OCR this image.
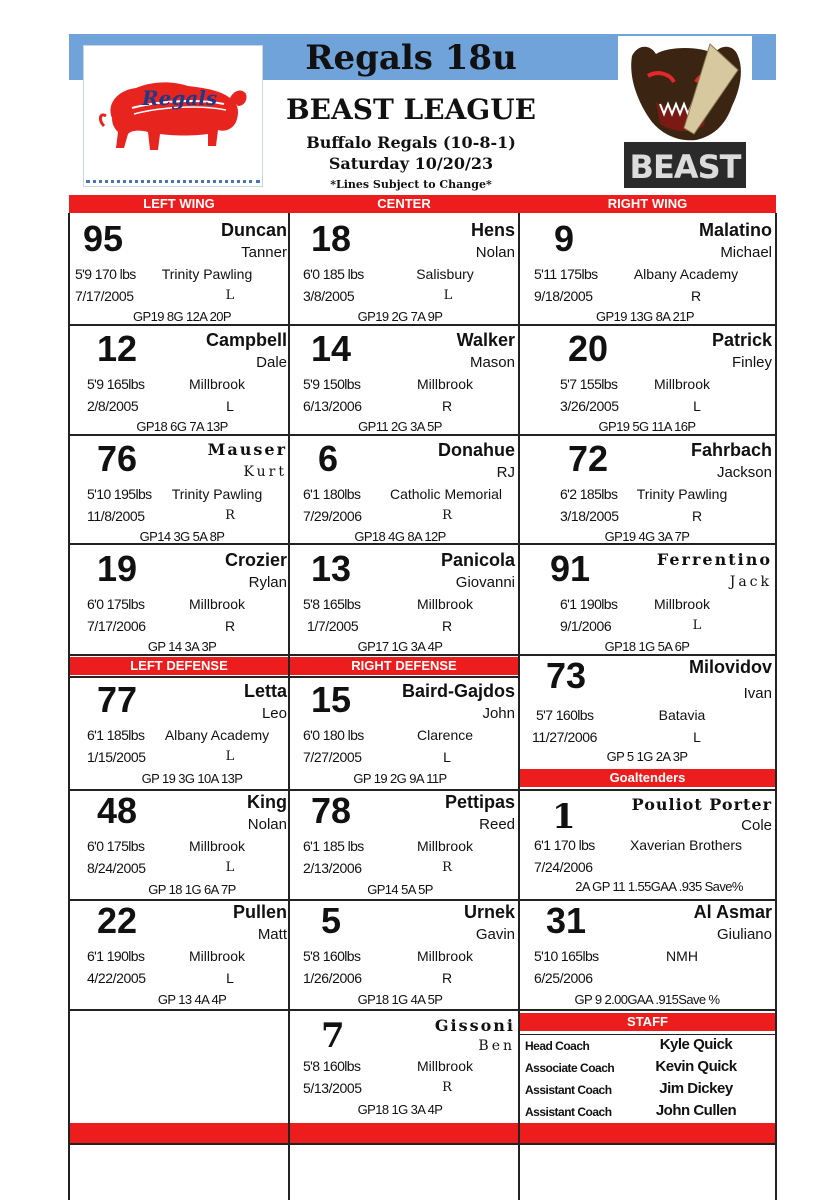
Regals 18u
BEAST LEAGUE
Buffalo Regals (10-8-1)
Saturday 10/20/23
*Lines Subject to Change*
Regals
BEAST
LEFT WING	CENTER	RIGHT WING
LEFT DEFENSE	RIGHT DEFENSE
Goaltenders
STAFF
95	Duncan
Tanner
5'9 170 lbs	Trinity Pawling
7/17/2005	L
GP19 8G 12A 20P
18	Hens
Nolan
6'0 185 lbs	Salisbury
3/8/2005	L
GP19 2G 7A 9P
9	Malatino
Michael
5'11 175lbs	Albany Academy
9/18/2005	R
GP19 13G 8A 21P
12	Campbell
Dale
5'9 165lbs	Millbrook
2/8/2005	L
GP18 6G 7A 13P
14	Walker
Mason
5'9 150lbs	Millbrook
6/13/2006	R
GP11 2G 3A 5P
20	Patrick
Finley
5'7 155lbs	Millbrook
3/26/2005	L
GP19 5G 11A 16P
76	Mauser
Kurt
5'10 195lbs	Trinity Pawling
11/8/2005	R
GP14 3G 5A 8P
6	Donahue
RJ
6'1 180lbs	Catholic Memorial
7/29/2006	R
GP18 4G 8A 12P
72	Fahrbach
Jackson
6'2 185lbs	Trinity Pawling
3/18/2005	R
GP19 4G 3A 7P
19	Crozier
Rylan
6'0 175lbs	Millbrook
7/17/2006	R
GP 14 3A 3P
13	Panicola
Giovanni
5'8 165lbs	Millbrook
1/7/2005	R
GP17 1G 3A 4P
91	Ferrentino
Jack
6'1 190lbs	Millbrook
9/1/2006	L
GP18 1G 5A 6P
73	Milovidov
Ivan
5'7 160lbs	Batavia
11/27/2006	L
GP 5 1G 2A 3P
77	Letta
Leo
6'1 185lbs	Albany Academy
1/15/2005	L
GP 19 3G 10A 13P
15	Baird-Gajdos
John
6'0 180 lbs	Clarence
7/27/2005	L
GP 19 2G 9A 11P
1	Pouliot Porter
Cole
6'1 170 lbs	Xaverian Brothers
7/24/2006
2A GP 11 1.55GAA .935 Save%
48	King
Nolan
6'0 175lbs	Millbrook
8/24/2005	L
GP 18 1G 6A 7P
78	Pettipas
Reed
6'1 185 lbs	Millbrook
2/13/2006	R
GP14 5A 5P
22	Pullen
Matt
6'1 190lbs	Millbrook
4/22/2005	L
GP 13 4A 4P
5	Urnek
Gavin
5'8 160lbs	Millbrook
1/26/2006	R
GP18 1G 4A 5P
31	Al Asmar
Giuliano
5'10 165lbs	NMH
6/25/2006
GP 9 2.00GAA .915Save %
7	Gissoni
Ben
5'8 160lbs	Millbrook
5/13/2005	R
GP18 1G 3A 4P
Head Coach	Kyle Quick
Associate Coach	Kevin Quick
Assistant Coach	Jim Dickey
Assistant Coach	John Cullen
